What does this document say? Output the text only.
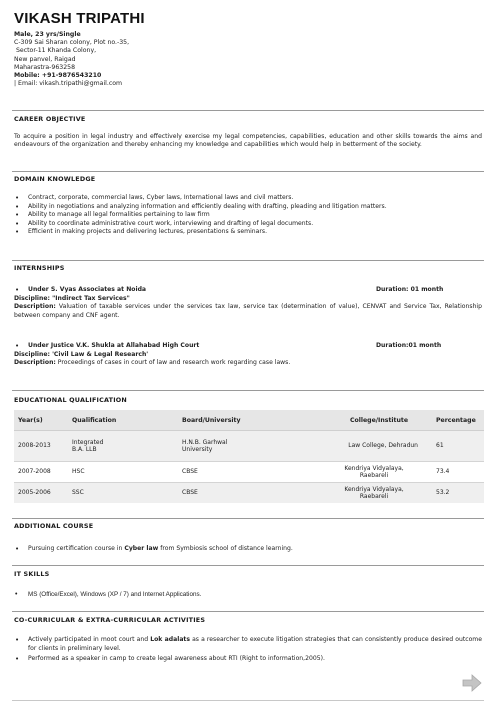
VIKASH TRIPATHI
Male, 23 yrs/Single
C-309 Sai Sharan colony, Plot no.-35,
Sector-11 Khanda Colony,
New panvel, Raigad
Maharastra-963258
Mobile: +91-9876543210
| Email: vikash.tripathi@gmail.com
CAREER OBJECTIVE
To acquire a position in legal industry and effectively exercise my legal competencies, capabilities, education and other skills towards the aims and endeavours of the organization and thereby enhancing my knowledge and capabilities which would help in betterment of the society.
DOMAIN KNOWLEDGE
• Contract, corporate, commercial laws, Cyber laws, International laws and civil matters.
• Ability in negotiations and analyzing information and efficiently dealing with drafting, pleading and litigation matters.
• Ability to manage all legal formalities pertaining to law firm
• Ability to coordinate administrative court work, interviewing and drafting of legal documents.
• Efficient in making projects and delivering lectures, presentations & seminars.
INTERNSHIPS
• Under S. Vyas Associates at Noida	Duration: 01 month
Discipline: "Indirect Tax Services"
Description: Valuation of taxable services under the services tax law, service tax (determination of value), CENVAT and Service Tax, Relationship between company and CNF agent.
• Under Justice V.K. Shukla at Allahabad High Court	Duration:01 month
Discipline: 'Civil Law & Legal Research'
Description: Proceedings of cases in court of law and research work regarding case laws.
EDUCATIONAL QUALIFICATION
Year(s)	Qualification	Board/University	College/Institute	Percentage
2008-2013	Integrated
B.A. LLB	H.N.B. Garhwal
University	Law College, Dehradun	61
2007-2008	HSC	CBSE	Kendriya Vidyalaya,
Raebareli	73.4
2005-2006	SSC	CBSE	Kendriya Vidyalaya,
Raebareli	53.2
ADDITIONAL COURSE
• Pursuing certification course in Cyber law from Symbiosis school of distance learning.
IT SKILLS
• MS (Office/Excel), Windows (XP / 7) and Internet Applications.
CO-CURRICULAR & EXTRA-CURRICULAR ACTIVITIES
• Actively participated in moot court and Lok adalats as a researcher to execute litigation strategies that can consistently produce desired outcome for clients in preliminary level.
• Performed as a speaker in camp to create legal awareness about RTI (Right to information,2005).
